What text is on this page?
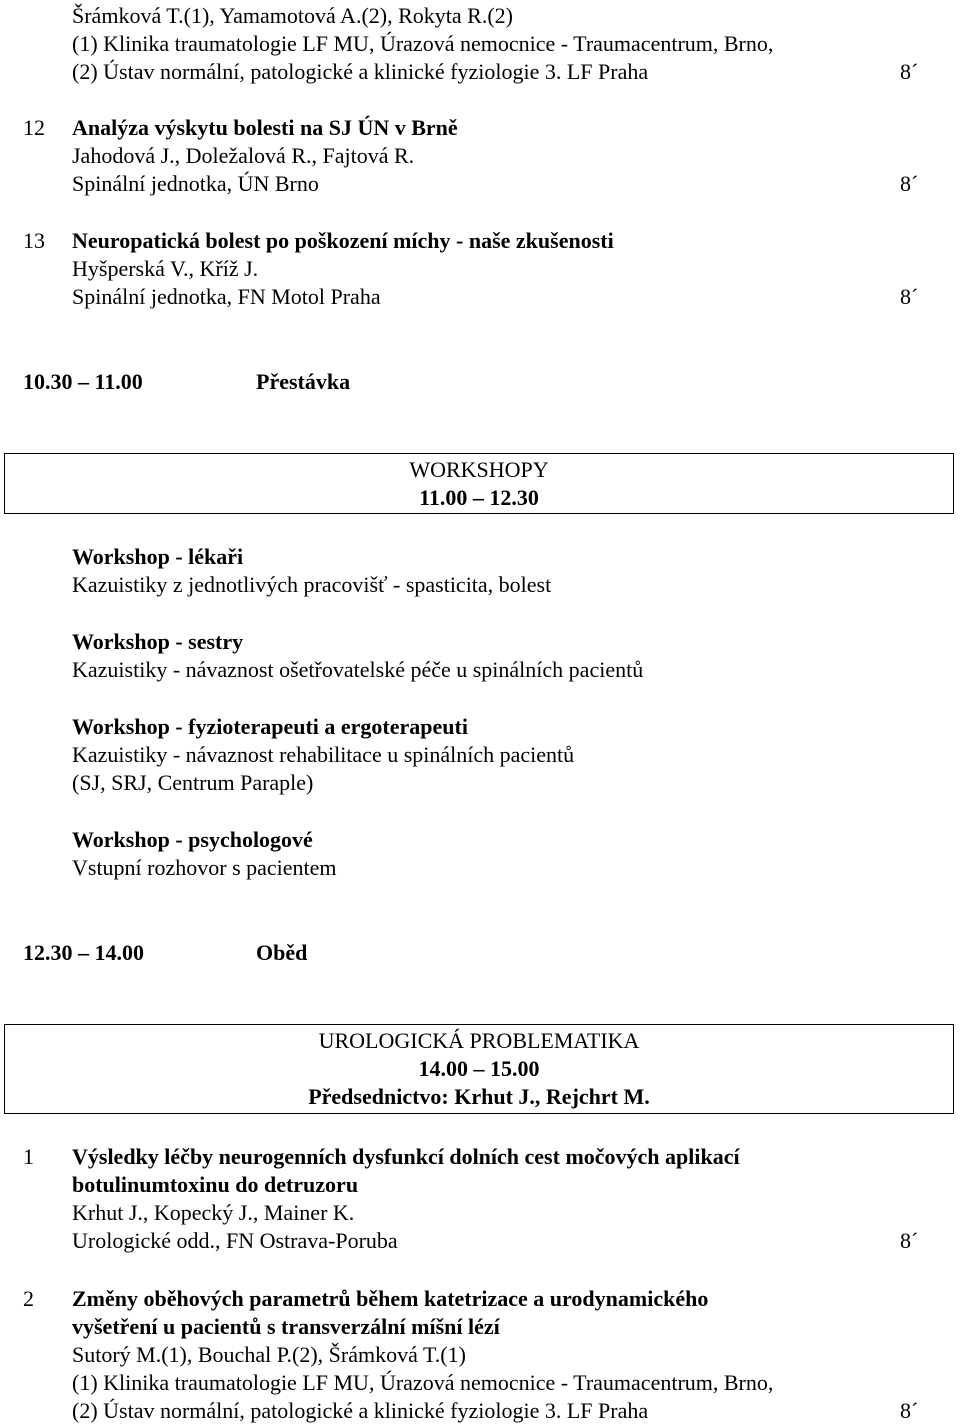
Šrámková T.(1), Yamamotová A.(2), Rokyta R.(2)
(1) Klinika traumatologie LF MU, Úrazová nemocnice - Traumacentrum, Brno,
(2) Ústav normální, patologické a klinické fyziologie 3. LF Praha	8´
12 Analýza výskytu bolesti na SJ ÚN v Brně
Jahodová J., Doležalová R., Fajtová R.
Spinální jednotka, ÚN Brno	8´
13 Neuropatická bolest po poškození míchy - naše zkušenosti
Hyšperská V., Kříž J.
Spinální jednotka, FN Motol Praha	8´
10.30 – 11.00	Přestávka
WORKSHOPY
11.00 – 12.30
Workshop - lékaři
Kazuistiky z jednotlivých pracovišť - spasticita, bolest
Workshop - sestry
Kazuistiky - návaznost ošetřovatelské péče u spinálních pacientů
Workshop - fyzioterapeuti a ergoterapeuti
Kazuistiky - návaznost rehabilitace u spinálních pacientů
(SJ, SRJ, Centrum Paraple)
Workshop - psychologové
Vstupní rozhovor s pacientem
12.30 – 14.00	Oběd
UROLOGICKÁ PROBLEMATIKA
14.00 – 15.00
Předsednictvo: Krhut J., Rejchrt M.
1 Výsledky léčby neurogenních dysfunkcí dolních cest močových aplikací
botulinumtoxinu do detruzoru
Krhut J., Kopecký J., Mainer K.
Urologické odd., FN Ostrava-Poruba	8´
2 Změny oběhových parametrů během katetrizace a urodynamického
vyšetření u pacientů s transverzální míšní lézí
Sutorý M.(1), Bouchal P.(2), Šrámková T.(1)
(1) Klinika traumatologie LF MU, Úrazová nemocnice - Traumacentrum, Brno,
(2) Ústav normální, patologické a klinické fyziologie 3. LF Praha	8´
